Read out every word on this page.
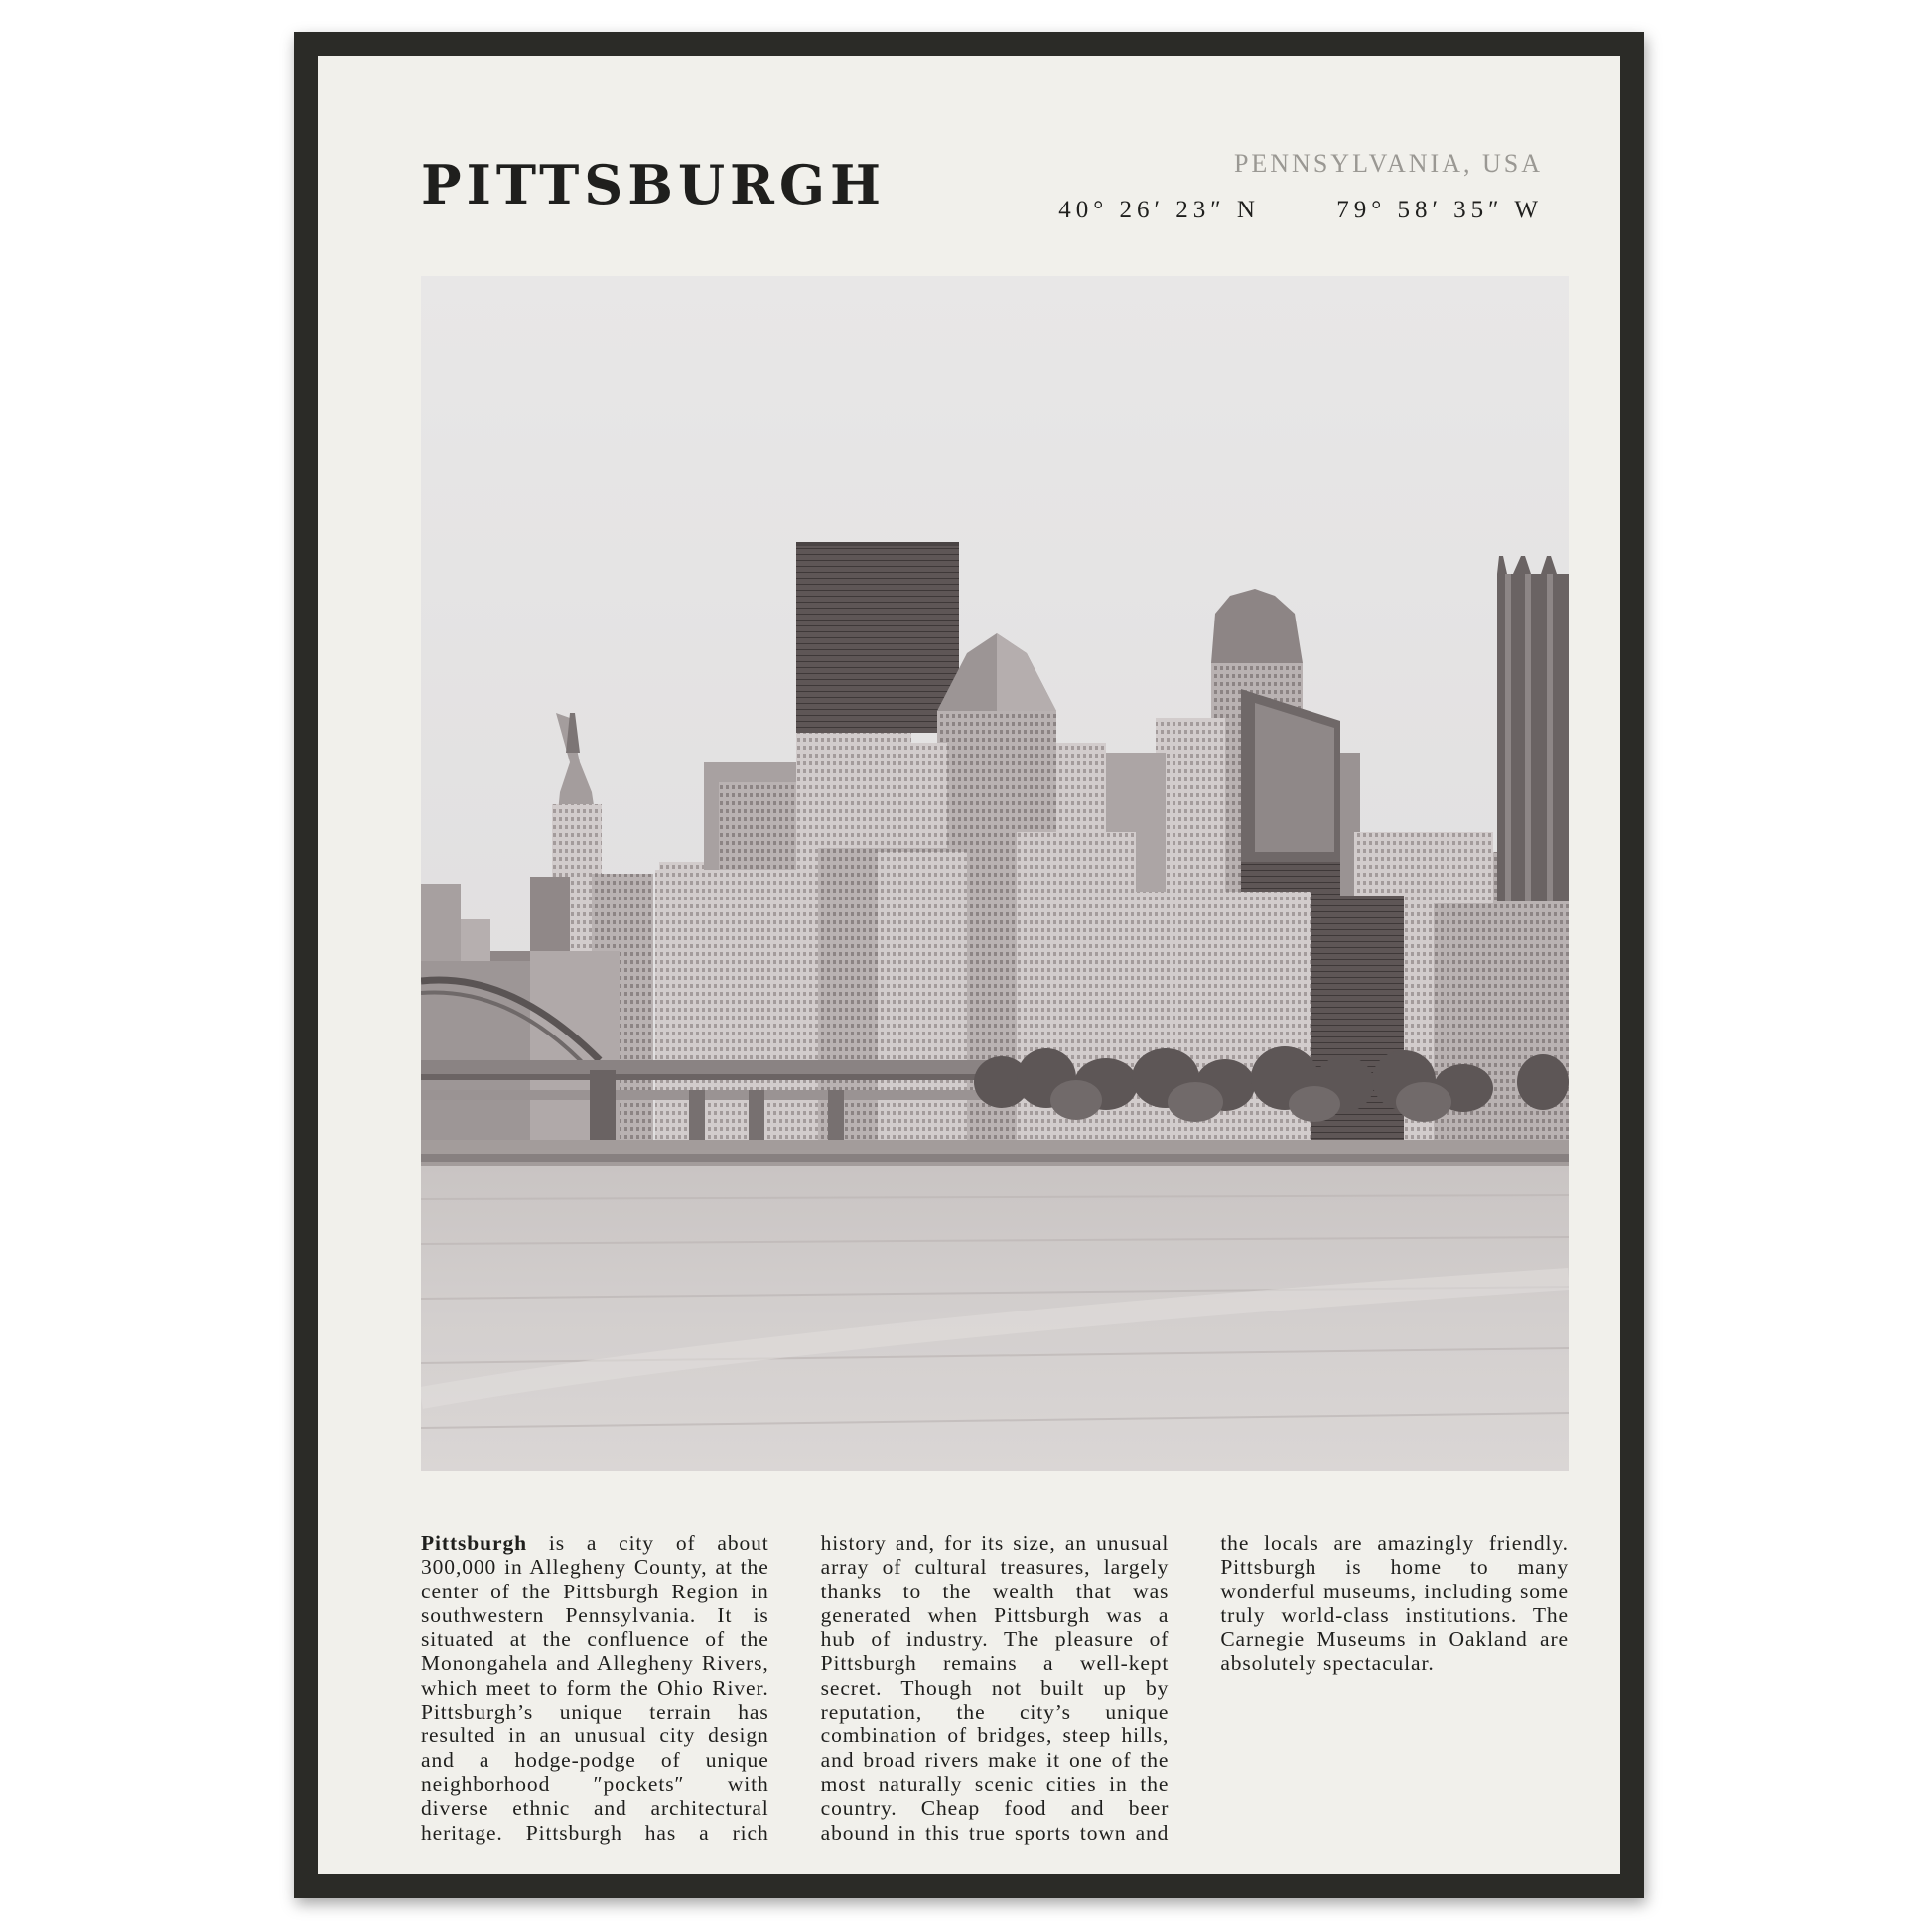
PITTSBURGH	PENNSYLVANIA, USA
40° 26′ 23″ N	79° 58′ 35″ W
Pittsburgh is a city of about 300,000 in Allegheny County, at the center of the Pittsburgh Region in southwestern Pennsylvania. It is situated at the confluence of the Monongahela and Allegheny Rivers, which meet to form the Ohio River. Pittsburgh’s unique terrain has resulted in an unusual city design and a hodge-podge of unique neighborhood ″pockets″ with diverse ethnic and architectural heritage. Pittsburgh has a rich history and, for its size, an unusual array of cultural treasures, largely thanks to the wealth that was generated when Pittsburgh was a hub of industry. The pleasure of Pittsburgh remains a well-kept secret. Though not built up by reputation, the city’s unique combination of bridges, steep hills, and broad rivers make it one of the most naturally scenic cities in the country. Cheap food and beer abound in this true sports town and the locals are amazingly friendly. Pittsburgh is home to many wonderful museums, including some truly world-class institutions. The Carnegie Museums in Oakland are absolutely spectacular.
